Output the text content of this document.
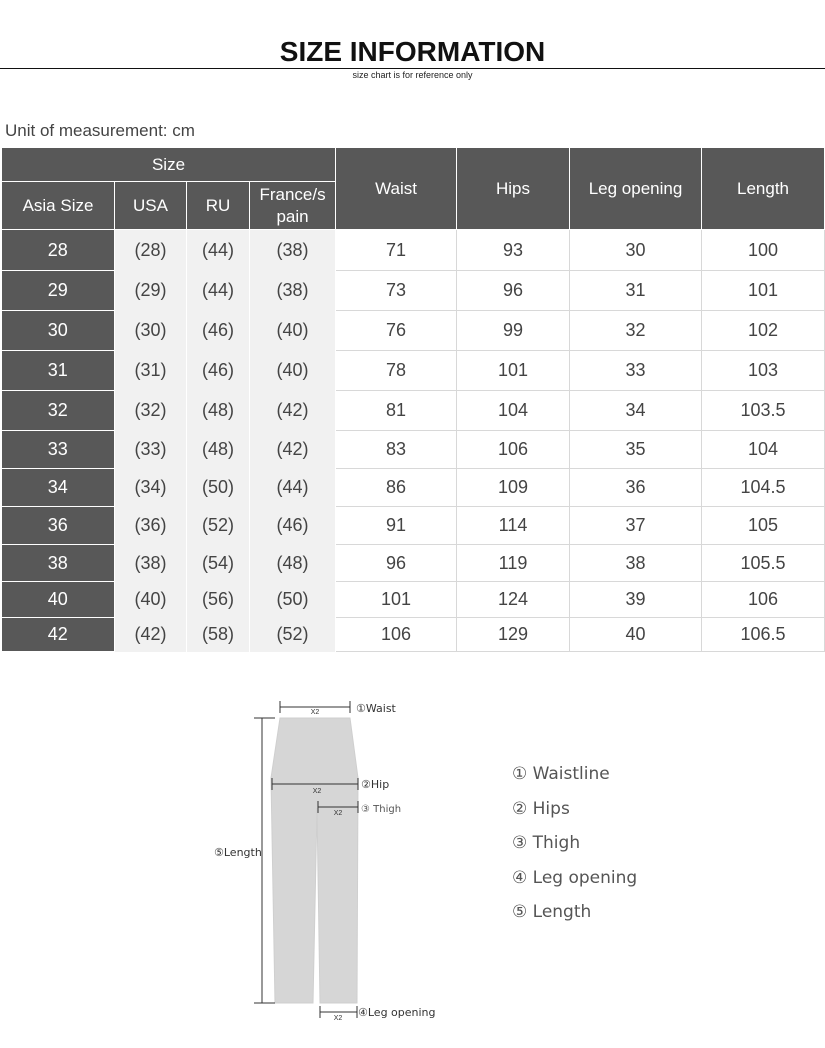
SIZE INFORMATION
size chart is for reference only
Unit of measurement: cm
Size				Waist	Hips	Leg opening	Length
Asia Size	USA	RU	France/s
pain				
28	(28)	(44)	(38)	71	93	30	100
29	(29)	(44)	(38)	73	96	31	101
30	(30)	(46)	(40)	76	99	32	102
31	(31)	(46)	(40)	78	101	33	103
32	(32)	(48)	(42)	81	104	34	103.5
33	(33)	(48)	(42)	83	106	35	104
34	(34)	(50)	(44)	86	109	36	104.5
36	(36)	(52)	(46)	91	114	37	105
38	(38)	(54)	(48)	96	119	38	105.5
40	(40)	(56)	(50)	101	124	39	106
42	(42)	(58)	(52)	106	129	40	106.5
X2	①Waist
X2
②Hip
X2 ③ Thigh
⑤Length
X2 ④Leg opening
① Waistline
② Hips
③ Thigh
④ Leg opening
⑤ Length
